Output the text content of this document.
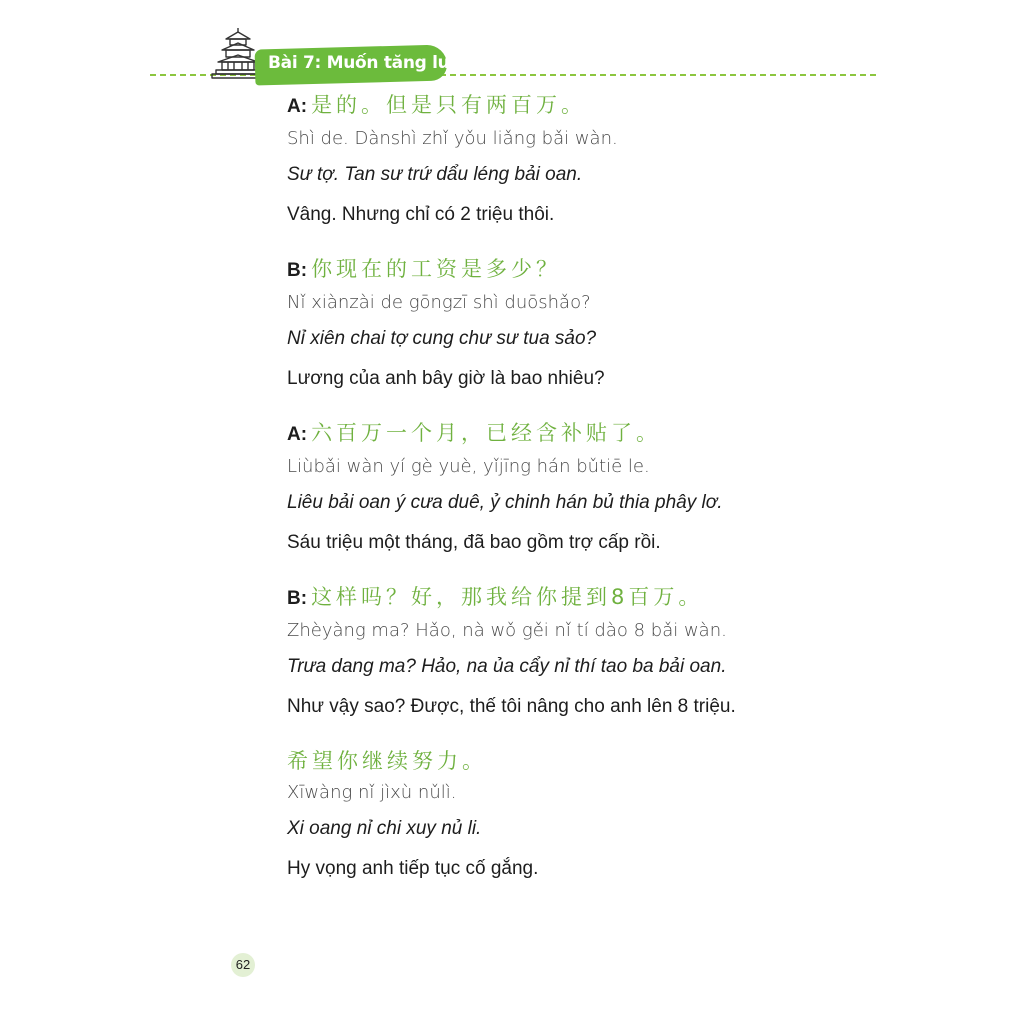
Bài 7: Muốn tăng lương
A: 是的。但是只有两百万。
Shì de. Dànshì zhǐ yǒu liǎng bǎi wàn.
Sư tợ. Tan sư trứ dẩu léng bải oan.
Vâng. Nhưng chỉ có 2 triệu thôi.
B: 你现在的工资是多少？
Nǐ xiànzài de gōngzī shì duōshǎo?
Nỉ xiên chai tợ cung chư sư tua sảo?
Lương của anh bây giờ là bao nhiêu?
A: 六百万一个月，已经含补贴了。
Liùbǎi wàn yí gè yuè, yǐjīng hán bǔtiē le.
Liêu bải oan ý cưa duê, ỷ chinh hán bủ thia phây lơ.
Sáu triệu một tháng, đã bao gồm trợ cấp rồi.
B: 这样吗？好，那我给你提到8百万。
Zhèyàng ma? Hǎo, nà wǒ gěi nǐ tí dào 8 bǎi wàn.
Trưa dang ma? Hảo, na ủa cẩy nỉ thí tao ba bải oan.
Như vậy sao? Được, thế tôi nâng cho anh lên 8 triệu.
希望你继续努力。
Xīwàng nǐ jìxù nǔlì.
Xi oang nỉ chi xuy nủ li.
Hy vọng anh tiếp tục cố gắng.
62
